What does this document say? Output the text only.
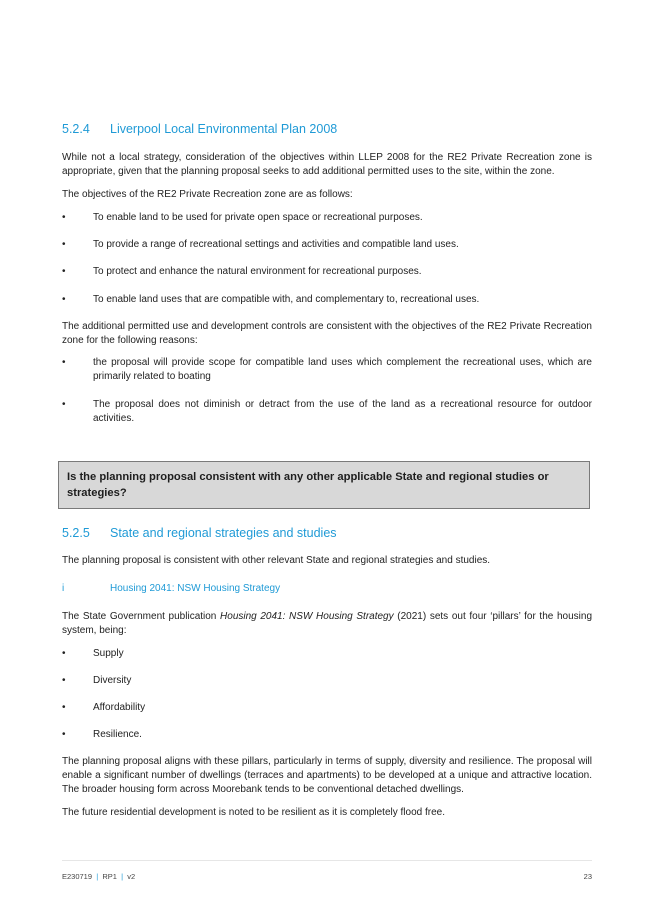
5.2.4 Liverpool Local Environmental Plan 2008
While not a local strategy, consideration of the objectives within LLEP 2008 for the RE2 Private Recreation zone is appropriate, given that the planning proposal seeks to add additional permitted uses to the site, within the zone.
The objectives of the RE2 Private Recreation zone are as follows:
•	To enable land to be used for private open space or recreational purposes.
•	To provide a range of recreational settings and activities and compatible land uses.
•	To protect and enhance the natural environment for recreational purposes.
•	To enable land uses that are compatible with, and complementary to, recreational uses.
The additional permitted use and development controls are consistent with the objectives of the RE2 Private Recreation zone for the following reasons:
•	the proposal will provide scope for compatible land uses which complement the recreational uses, which are primarily related to boating
•	The proposal does not diminish or detract from the use of the land as a recreational resource for outdoor activities.
Is the planning proposal consistent with any other applicable State and regional studies or strategies?
5.2.5 State and regional strategies and studies
The planning proposal is consistent with other relevant State and regional strategies and studies.
i	Housing 2041: NSW Housing Strategy
The State Government publication Housing 2041: NSW Housing Strategy (2021) sets out four ‘pillars’ for the housing system, being:
•	Supply
•	Diversity
•	Affordability
•	Resilience.
The planning proposal aligns with these pillars, particularly in terms of supply, diversity and resilience. The proposal will enable a significant number of dwellings (terraces and apartments) to be developed at a unique and attractive location. The broader housing form across Moorebank tends to be conventional detached dwellings.
The future residential development is noted to be resilient as it is completely flood free.
E230719 | RP1 | v2	23
